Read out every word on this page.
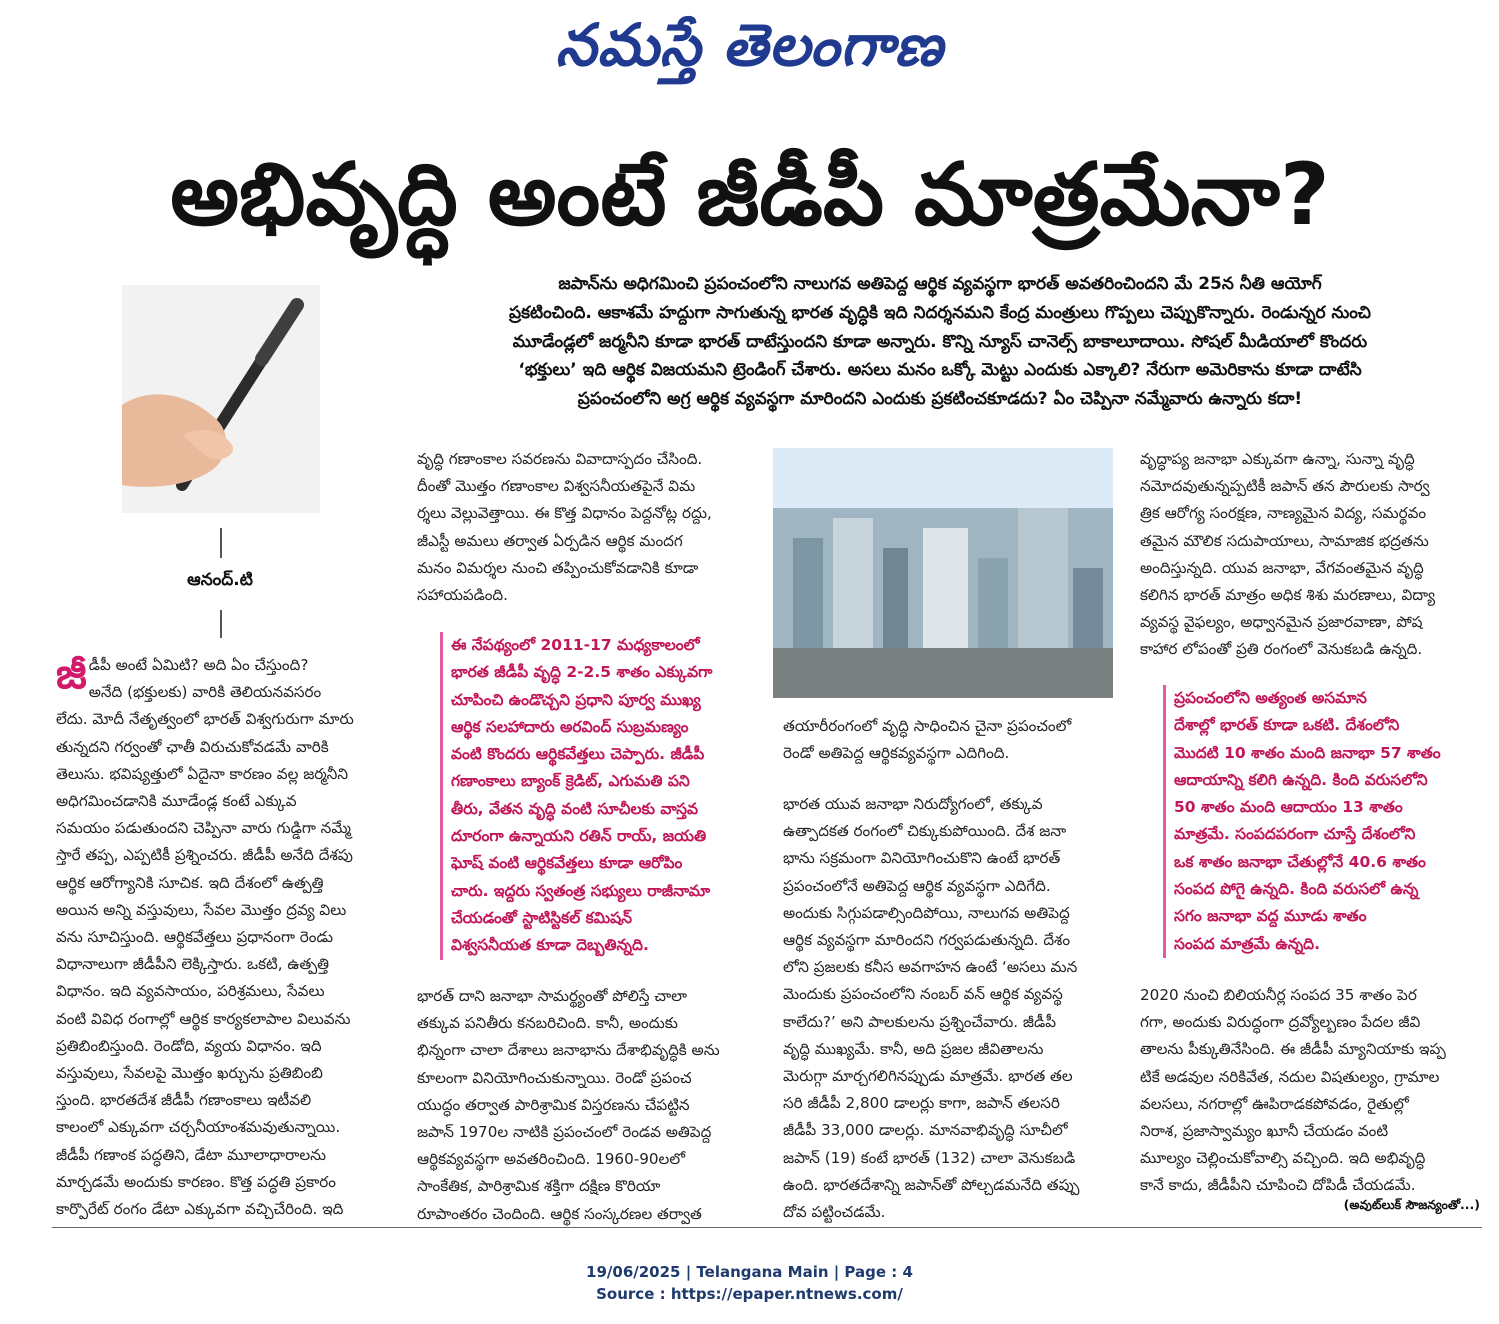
నమస్తే తెలంగాణ
అభివృద్ధి అంటే జీడీపీ మాత్రమేనా?
ఆనంద్.టి
జపాన్‌ను అధిగమించి ప్రపంచంలోని నాలుగవ అతిపెద్ద ఆర్థిక వ్యవస్థగా భారత్ అవతరించిందని మే 25న నీతి ఆయోగ్
ప్రకటించింది. ఆకాశమే హద్దుగా సాగుతున్న భారత వృద్ధికి ఇది నిదర్శనమని కేంద్ర మంత్రులు గొప్పలు చెప్పుకొన్నారు. రెండున్నర నుంచి
మూడేండ్లలో జర్మనీని కూడా భారత్ దాటేస్తుందని కూడా అన్నారు. కొన్ని న్యూస్ చానెల్స్ బాకాలూదాయి. సోషల్ మీడియాలో కొందరు
‘భక్తులు’ ఇది ఆర్థిక విజయమని ట్రెండింగ్ చేశారు. అసలు మనం ఒక్కో మెట్టు ఎందుకు ఎక్కాలి? నేరుగా అమెరికాను కూడా దాటేసి
ప్రపంచంలోని అగ్ర ఆర్థిక వ్యవస్థగా మారిందని ఎందుకు ప్రకటించకూడదు? ఏం చెప్పినా నమ్మేవారు ఉన్నారు కదా!
జీ డీపీ అంటే ఏమిటి? అది ఏం చేస్తుంది?
అనేది (భక్తులకు) వారికి తెలియనవసరం
లేదు. మోదీ నేతృత్వంలో భారత్ విశ్వగురుగా మారు
తున్నదని గర్వంతో ఛాతీ విరుచుకోవడమే వారికి
తెలుసు. భవిష్యత్తులో ఏదైనా కారణం వల్ల జర్మనీని
అధిగమించడానికి మూడేండ్ల కంటే ఎక్కువ
సమయం పడుతుందని చెప్పినా వారు గుడ్డిగా నమ్మే
స్తారే తప్ప, ఎప్పటికీ ప్రశ్నించరు. జీడీపీ అనేది దేశపు
ఆర్థిక ఆరోగ్యానికి సూచిక. ఇది దేశంలో ఉత్పత్తి
అయిన అన్ని వస్తువులు, సేవల మొత్తం ద్రవ్య విలు
వను సూచిస్తుంది. ఆర్థికవేత్తలు ప్రధానంగా రెండు
విధానాలుగా జీడీపీని లెక్కిస్తారు. ఒకటి, ఉత్పత్తి
విధానం. ఇది వ్యవసాయం, పరిశ్రమలు, సేవలు
వంటి వివిధ రంగాల్లో ఆర్థిక కార్యకలాపాల విలువను
ప్రతిబింబిస్తుంది. రెండోది, వ్యయ విధానం. ఇది
వస్తువులు, సేవలపై మొత్తం ఖర్చును ప్రతిబింబి
స్తుంది. భారతదేశ జీడీపీ గణాంకాలు ఇటీవలి
కాలంలో ఎక్కువగా చర్చనీయాంశమవుతున్నాయి.
జీడీపీ గణాంక పద్ధతిని, డేటా మూలాధారాలను
మార్చడమే అందుకు కారణం. కొత్త పద్ధతి ప్రకారం
కార్పొరేట్ రంగం డేటా ఎక్కువగా వచ్చిచేరింది. ఇది
వృద్ధి గణాంకాల సవరణను వివాదాస్పదం చేసింది.
దీంతో మొత్తం గణాంకాల విశ్వసనీయతపైనే విమ
ర్శలు వెల్లువెత్తాయి. ఈ కొత్త విధానం పెద్దనోట్ల రద్దు,
జీఎస్టీ అమలు తర్వాత ఏర్పడిన ఆర్థిక మందగ
మనం విమర్శల నుంచి తప్పించుకోవడానికి కూడా
సహాయపడింది.
ఈ నేపథ్యంలో 2011-17 మధ్యకాలంలో
భారత జీడీపీ వృద్ధి 2-2.5 శాతం ఎక్కువగా
చూపించి ఉండొచ్చని ప్రధాని పూర్వ ముఖ్య
ఆర్థిక సలహాదారు అరవింద్ సుబ్రమణ్యం
వంటి కొందరు ఆర్థికవేత్తలు చెప్పారు. జీడీపీ
గణాంకాలు బ్యాంక్ క్రెడిట్, ఎగుమతి పని
తీరు, వేతన వృద్ధి వంటి సూచీలకు వాస్తవ
దూరంగా ఉన్నాయని రతిన్ రాయ్, జయతి
ఘోష్ వంటి ఆర్థికవేత్తలు కూడా ఆరోపిం
చారు. ఇద్దరు స్వతంత్ర సభ్యులు రాజీనామా
చేయడంతో స్టాటిస్టికల్ కమిషన్
విశ్వసనీయత కూడా దెబ్బతిన్నది.
భారత్ దాని జనాభా సామర్థ్యంతో పోలిస్తే చాలా
తక్కువ పనితీరు కనబరిచింది. కానీ, అందుకు
భిన్నంగా చాలా దేశాలు జనాభాను దేశాభివృద్ధికి అను
కూలంగా వినియోగించుకున్నాయి. రెండో ప్రపంచ
యుద్ధం తర్వాత పారిశ్రామిక విస్తరణను చేపట్టిన
జపాన్ 1970ల నాటికి ప్రపంచంలో రెండవ అతిపెద్ద
ఆర్థికవ్యవస్థగా అవతరించింది. 1960-90లలో
సాంకేతిక, పారిశ్రామిక శక్తిగా దక్షిణ కొరియా
రూపాంతరం చెందింది. ఆర్థిక సంస్కరణల తర్వాత
తయారీరంగంలో వృద్ధి సాధించిన చైనా ప్రపంచంలో
రెండో అతిపెద్ద ఆర్థికవ్యవస్థగా ఎదిగింది.
భారత యువ జనాభా నిరుద్యోగంలో, తక్కువ
ఉత్పాదకత రంగంలో చిక్కుకుపోయింది. దేశ జనా
భాను సక్రమంగా వినియోగించుకొని ఉంటే భారత్
ప్రపంచంలోనే అతిపెద్ద ఆర్థిక వ్యవస్థగా ఎదిగేది.
అందుకు సిగ్గుపడాల్సిందిపోయి, నాలుగవ అతిపెద్ద
ఆర్థిక వ్యవస్థగా మారిందని గర్వపడుతున్నది. దేశం
లోని ప్రజలకు కనీస అవగాహన ఉంటే ‘అసలు మన
మెందుకు ప్రపంచంలోని నంబర్ వన్ ఆర్థిక వ్యవస్థ
కాలేదు?’ అని పాలకులను ప్రశ్నించేవారు. జీడీపీ
వృద్ధి ముఖ్యమే. కానీ, అది ప్రజల జీవితాలను
మెరుగ్గా మార్చగలిగినప్పుడు మాత్రమే. భారత తల
సరి జీడీపీ 2,800 డాలర్లు కాగా, జపాన్ తలసరి
జీడీపీ 33,000 డాలర్లు. మానవాభివృద్ధి సూచీలో
జపాన్ (19) కంటే భారత్ (132) చాలా వెనుకబడి
ఉంది. భారతదేశాన్ని జపాన్‌తో పోల్చడమనేది తప్పు
దోవ పట్టించడమే.
వృద్ధాప్య జనాభా ఎక్కువగా ఉన్నా, సున్నా వృద్ధి
నమోదవుతున్నప్పటికీ జపాన్ తన పౌరులకు సార్వ
త్రిక ఆరోగ్య సంరక్షణ, నాణ్యమైన విద్య, సమర్థవం
తమైన మౌలిక సదుపాయాలు, సామాజిక భద్రతను
అందిస్తున్నది. యువ జనాభా, వేగవంతమైన వృద్ధి
కలిగిన భారత్ మాత్రం అధిక శిశు మరణాలు, విద్యా
వ్యవస్థ వైఫల్యం, అధ్వానమైన ప్రజారవాణా, పోష
కాహార లోపంతో ప్రతి రంగంలో వెనుకబడి ఉన్నది.
ప్రపంచంలోని అత్యంత అసమాన
దేశాల్లో భారత్ కూడా ఒకటి. దేశంలోని
మొదటి 10 శాతం మంది జనాభా 57 శాతం
ఆదాయాన్ని కలిగి ఉన్నది. కింది వరుసలోని
50 శాతం మంది ఆదాయం 13 శాతం
మాత్రమే. సంపదపరంగా చూస్తే దేశంలోని
ఒక శాతం జనాభా చేతుల్లోనే 40.6 శాతం
సంపద పోగై ఉన్నది. కింది వరుసలో ఉన్న
సగం జనాభా వద్ద మూడు శాతం
సంపద మాత్రమే ఉన్నది.
2020 నుంచి బిలియనీర్ల సంపద 35 శాతం పెర
గగా, అందుకు విరుద్ధంగా ద్రవ్యోల్బణం పేదల జీవి
తాలను పీక్కుతినేసింది. ఈ జీడీపీ మ్యానియాకు ఇప్ప
టికే అడవుల నరికివేత, నదుల విషతుల్యం, గ్రామాల
వలసలు, నగరాల్లో ఊపిరాడకపోవడం, రైతుల్లో
నిరాశ, ప్రజాస్వామ్యం ఖూనీ చేయడం వంటి
మూల్యం చెల్లించుకోవాల్సి వచ్చింది. ఇది అభివృద్ధి
కానే కాదు, జీడీపీని చూపించి దోపిడీ చేయడమే.
(అవుట్‌లుక్ సౌజన్యంతో...)
19/06/2025 | Telangana Main | Page : 4
Source : https://epaper.ntnews.com/
